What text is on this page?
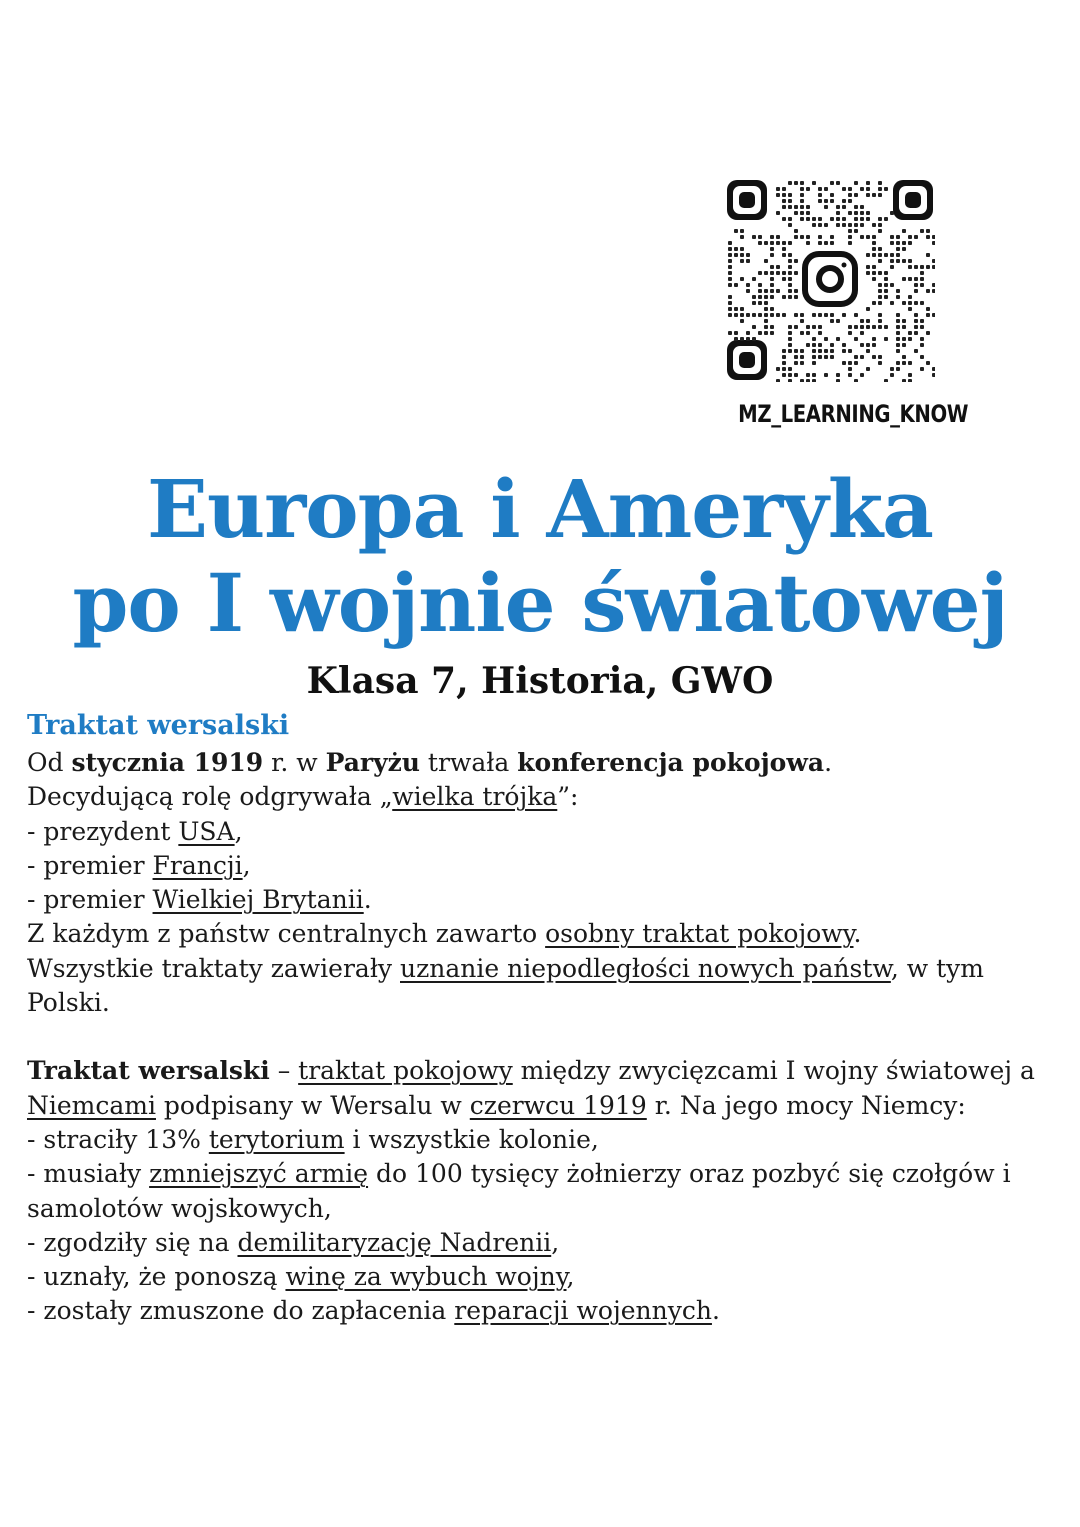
MZ_LEARNING_KNOW
Europa i Ameryka
po I wojnie światowej
Klasa 7, Historia, GWO

Traktat wersalski

Od stycznia 1919 r. w Paryżu trwała konferencja pokojowa.

Decydującą rolę odgrywała „wielka trójka”:

- prezydent USA,

- premier Francji,

- premier Wielkiej Brytanii.

Z każdym z państw centralnych zawarto osobny traktat pokojowy.

Wszystkie traktaty zawierały uznanie niepodległości nowych państw, w tym Polski.

Traktat wersalski – traktat pokojowy między zwycięzcami I wojny światowej a Niemcami podpisany w Wersalu w czerwcu 1919 r. Na jego mocy Niemcy:

- straciły 13% terytorium i wszystkie kolonie,

- musiały zmniejszyć armię do 100 tysięcy żołnierzy oraz pozbyć się czołgów i samolotów wojskowych,

- zgodziły się na demilitaryzację Nadrenii,

- uznały, że ponoszą winę za wybuch wojny,

- zostały zmuszone do zapłacenia reparacji wojennych.
